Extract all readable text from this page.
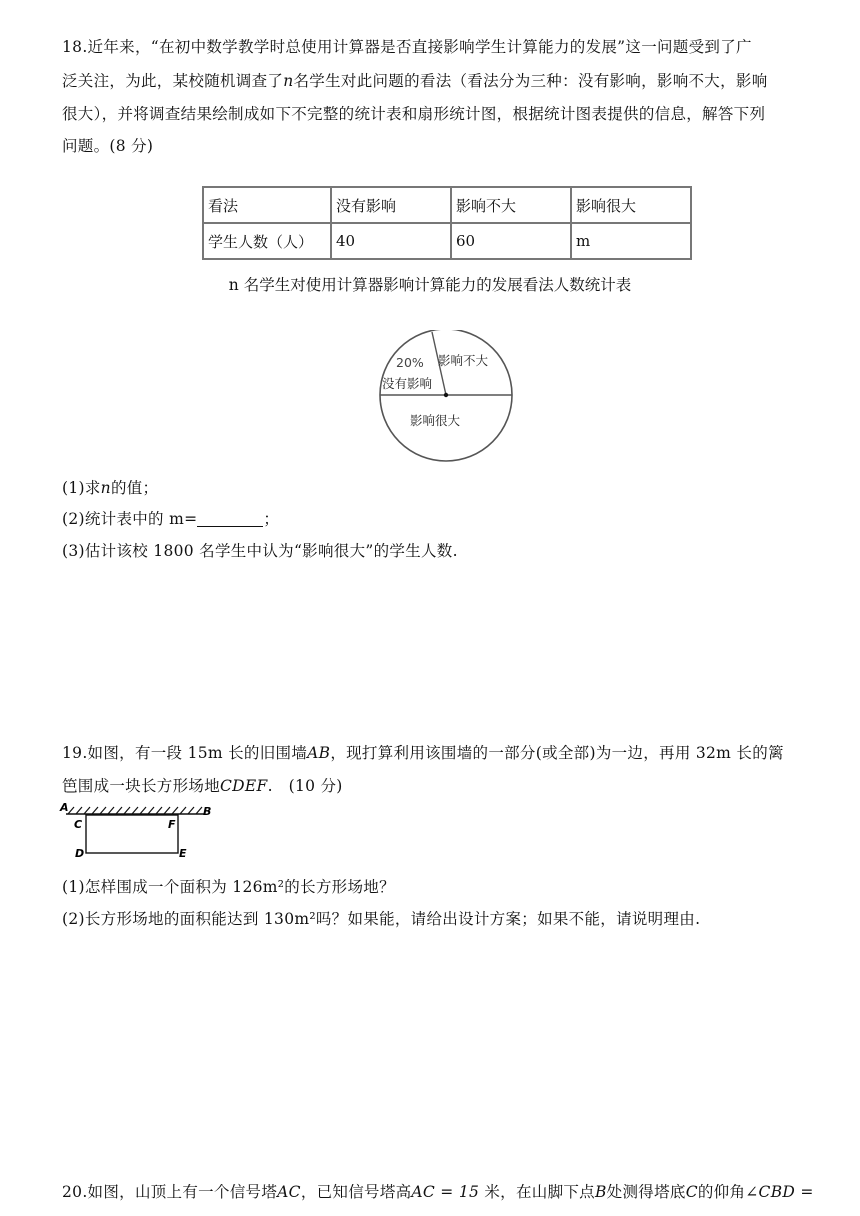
18.近年来，“在初中数学教学时总使用计算器是否直接影响学生计算能力的发展”这一问题受到了广
泛关注，为此，某校随机调查了n名学生对此问题的看法（看法分为三种：没有影响，影响不大，影响
很大），并将调查结果绘制成如下不完整的统计表和扇形统计图，根据统计图表提供的信息，解答下列
问题。(8 分)
看法	没有影响	影响不大	影响很大
学生人数（人）	40	60	m
n 名学生对使用计算器影响计算能力的发展看法人数统计表
20%
没有影响
影响不大
影响很大
(1)求n的值；
(2)统计表中的 m=	；
(3)估计该校 1800 名学生中认为“影响很大”的学生人数.
19.如图，有一段 15m 长的旧围墙AB，现打算利用该围墙的一部分(或全部)为一边，再用 32m 长的篱
笆围成一块长方形场地CDEF.　(10 分)
A	B
C	F
D	E
(1)怎样围成一个面积为 126m²的长方形场地？
(2)长方形场地的面积能达到 130m²吗？如果能，请给出设计方案；如果不能，请说明理由.
20.如图，山顶上有一个信号塔AC，已知信号塔高AC = 15 米，在山脚下点B处测得塔底C的仰角∠CBD =
